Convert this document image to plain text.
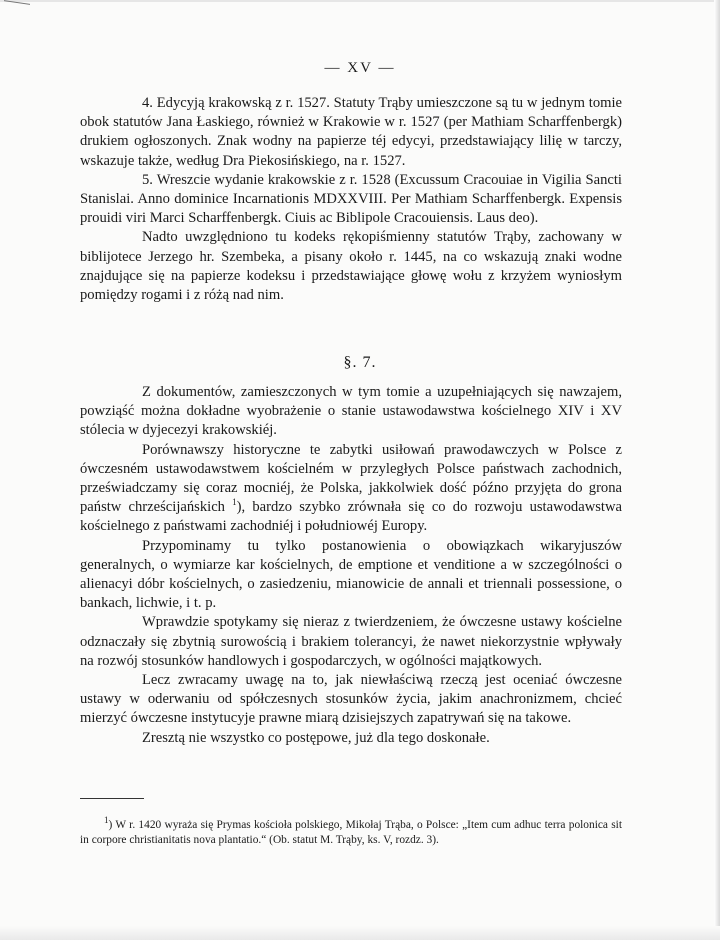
— XV —

4. Edycyją krakowską z r. 1527. Statuty Trąby umieszczone są tu w jednym tomie obok statutów Jana Łaskiego, również w Krakowie w r. 1527 (per Mathiam Scharffenbergk) drukiem ogłoszonych. Znak wodny na papierze téj edycyi, przedstawiający lilię w tarczy, wskazuje także, według Dra Piekosińskiego, na r. 1527.

5. Wreszcie wydanie krakowskie z r. 1528 (Excussum Cracouiae in Vigilia Sancti Stanislai. Anno dominice Incarnationis MDXXVIII. Per Mathiam Scharffenbergk. Expensis prouidi viri Marci Scharffenbergk. Ciuis ac Biblipole Cracouiensis. Laus deo).

Nadto uwzględniono tu kodeks rękopiśmienny statutów Trąby, zachowany w biblijotece Jerzego hr. Szembeka, a pisany około r. 1445, na co wskazują znaki wodne znajdujące się na papierze kodeksu i przedstawiające głowę wołu z krzyżem wyniosłym pomiędzy rogami i z różą nad nim.

§. 7.

Z dokumentów, zamieszczonych w tym tomie a uzupełniających się nawzajem, powziąść można dokładne wyobrażenie o stanie ustawodawstwa kościelnego XIV i XV stólecia w dyjecezyi krakowskiéj.

Porównawszy historyczne te zabytki usiłowań prawodawczych w Polsce z ówczesném ustawodawstwem kościelném w przyległych Polsce państwach zachodnich, przeświadczamy się coraz mocniéj, że Polska, jakkolwiek dość późno przyjęta do grona państw chrześcijańskich $^1$), bardzo szybko zrównała się co do rozwoju ustawodawstwa kościelnego z państwami zachodniéj i południowéj Europy.

Przypominamy tu tylko postanowienia o obowiązkach wikaryjuszów generalnych, o wymiarze kar kościelnych, de emptione et venditione a w szczególności o alienacyi dóbr kościelnych, o zasiedzeniu, mianowicie de annali et triennali possessione, o bankach, lichwie, i t. p.

Wprawdzie spotykamy się nieraz z twierdzeniem, że ówczesne ustawy kościelne odznaczały się zbytnią surowością i brakiem tolerancyi, że nawet niekorzystnie wpływały na rozwój stosunków handlowych i gospodarczych, w ogólności majątkowych.

Lecz zwracamy uwagę na to, jak niewłaściwą rzeczą jest oceniać ówczesne ustawy w oderwaniu od spółczesnych stosunków życia, jakim anachronizmem, chcieć mierzyć ówczesne instytucyje prawne miarą dzisiejszych zapatrywań się na takowe.

Zresztą nie wszystko co postępowe, już dla tego doskonałe.

$^1$) W r. 1420 wyraża się Prymas kościoła polskiego, Mikołaj Trąba, o Polsce: „Item cum adhuc terra polonica sit in corpore christianitatis nova plantatio.“ (Ob. statut M. Trąby, ks. V, rozdz. 3).
